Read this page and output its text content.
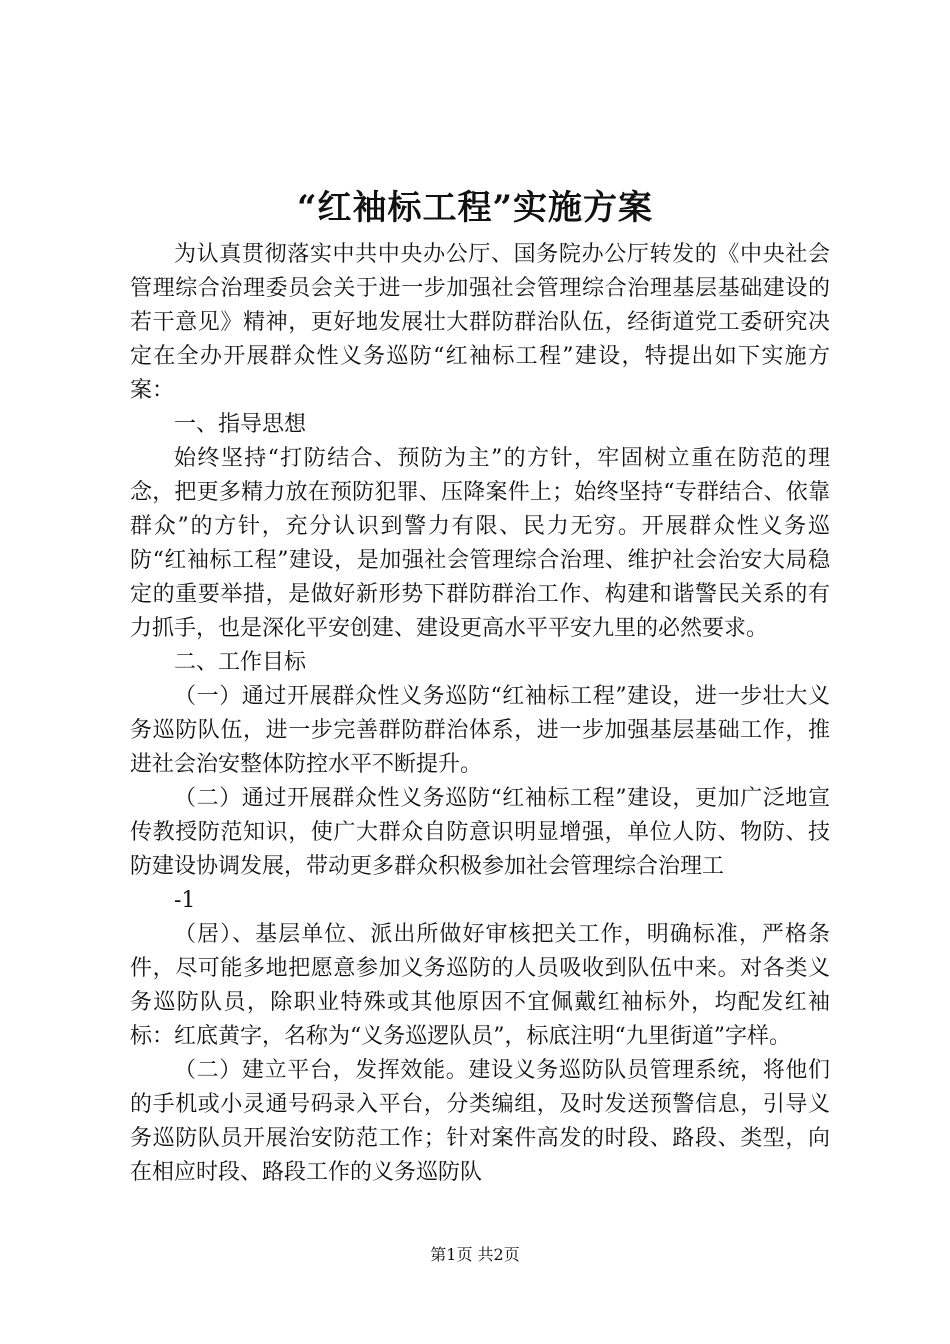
“红袖标工程”实施方案

为认真贯彻落实中共中央办公厅、国务院办公厅转发的《中央社会管理综合治理委员会关于进一步加强社会管理综合治理基层基础建设的若干意见》精神，更好地发展壮大群防群治队伍，经街道党工委研究决定在全办开展群众性义务巡防“红袖标工程”建设，特提出如下实施方案：

一、指导思想

始终坚持“打防结合、预防为主”的方针，牢固树立重在防范的理念，把更多精力放在预防犯罪、压降案件上；始终坚持“专群结合、依靠群众”的方针，充分认识到警力有限、民力无穷。开展群众性义务巡防“红袖标工程”建设，是加强社会管理综合治理、维护社会治安大局稳定的重要举措，是做好新形势下群防群治工作、构建和谐警民关系的有力抓手，也是深化平安创建、建设更高水平平安九里的必然要求。

二、工作目标

（一）通过开展群众性义务巡防“红袖标工程”建设，进一步壮大义务巡防队伍，进一步完善群防群治体系，进一步加强基层基础工作，推进社会治安整体防控水平不断提升。

（二）通过开展群众性义务巡防“红袖标工程”建设，更加广泛地宣传教授防范知识，使广大群众自防意识明显增强，单位人防、物防、技防建设协调发展，带动更多群众积极参加社会管理综合治理工

-1

（居）、基层单位、派出所做好审核把关工作，明确标准，严格条件，尽可能多地把愿意参加义务巡防的人员吸收到队伍中来。对各类义务巡防队员，除职业特殊或其他原因不宜佩戴红袖标外，均配发红袖标：红底黄字，名称为“义务巡逻队员”，标底注明“九里街道”字样。

（二）建立平台，发挥效能。建设义务巡防队员管理系统，将他们的手机或小灵通号码录入平台，分类编组，及时发送预警信息，引导义务巡防队员开展治安防范工作；针对案件高发的时段、路段、类型，向在相应时段、路段工作的义务巡防队

第1页 共2页
